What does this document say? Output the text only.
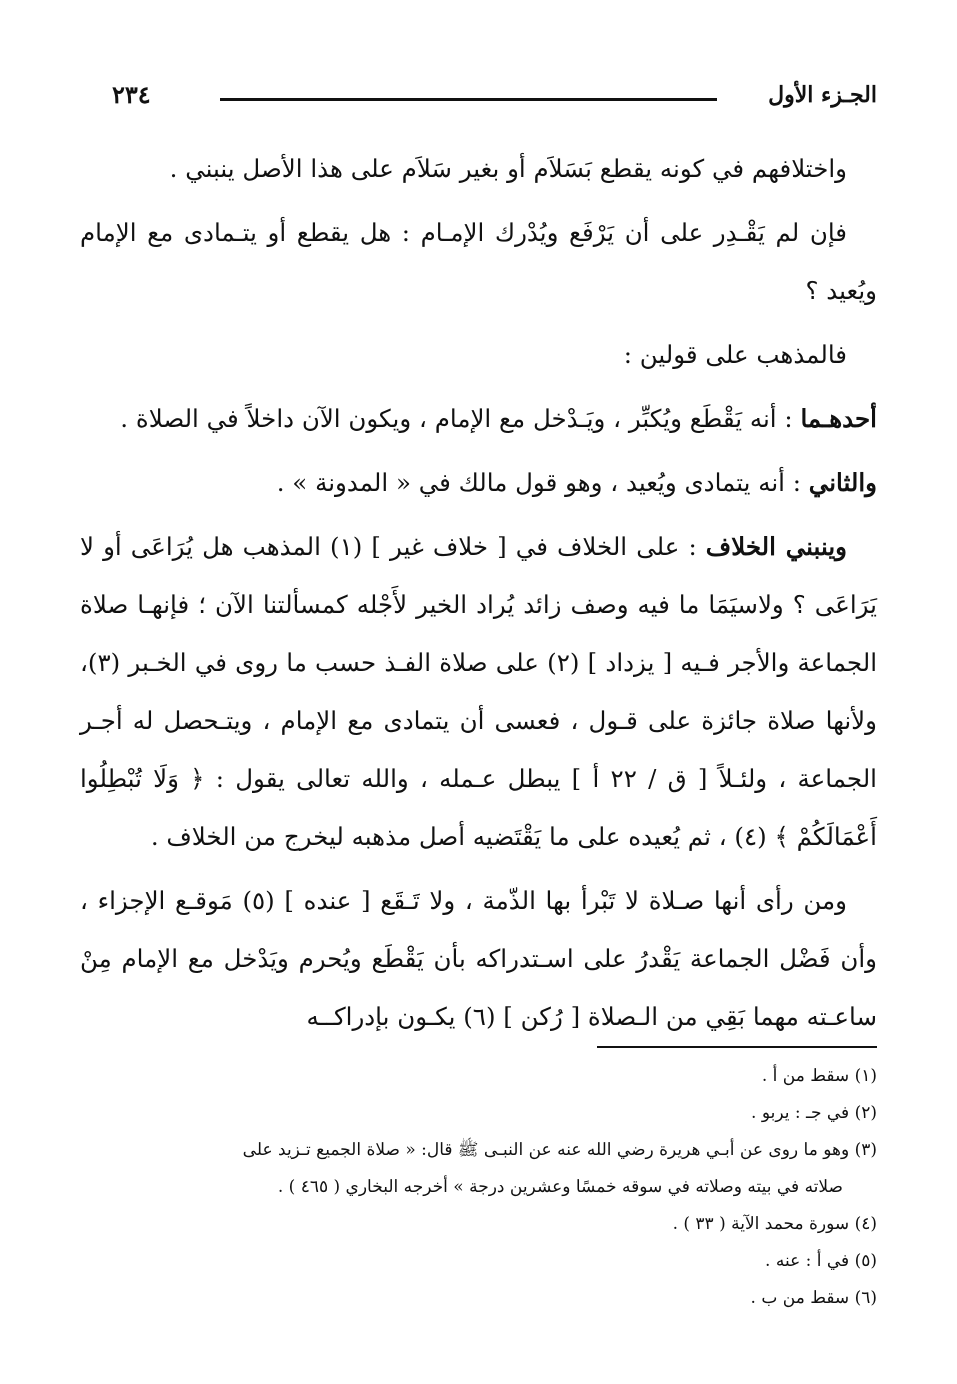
الجـزء الأول
٢٣٤

واختلافهم في كونه يقطع بَسَلاَم أو بغير سَلاَم على هذا الأصل ينبني .

فإن لم يَقْـدِر على أن يَرْفَع ويُدْرك الإمـام : هل يقطع أو يتـمادى مع الإمام ويُعيد ؟

فالمذهب على قولين :

أحدهـما : أنه يَقْطَع ويُكبِّر ، ويَـدْخل مع الإمام ، ويكون الآن داخلاً في الصلاة .

والثاني : أنه يتمادى ويُعيد ، وهو قول مالك في « المدونة » .

وينبني الخلاف : على الخلاف في [ خلاف غير ] (١) المذهب هل يُرَاعَى أو لا يَرَاعَى ؟ ولاسيَمَا ما فيه وصف زائد يُراد الخير لأَجْله كمسألتنا الآن ؛ فإنهـا صلاة الجماعة والأجر فـيه [ يزداد ] (٢) على صلاة الفـذ حسب ما روى في الخـبر (٣)، ولأنها صلاة جائزة على قـول ، فعسى أن يتمادى مع الإمام ، ويتـحصل له أجـر الجماعة ، ولئـلاً [ ق / ٢٢ أ ] يبطل عـمله ، والله تعالى يقول : ﴿ وَلَا تُبْطِلُوا أَعْمَالَكُمْ ﴾ (٤) ، ثم يُعيده على ما يَقْتَضيه أصل مذهبه ليخرج من الخلاف .

ومن رأى أنها صـلاة لا تَبْرأ بها الذّمة ، ولا تَـقَع [ عنده ] (٥) مَوقـع الإجزاء ، وأن فَضْل الجماعة يَقْدرُ على اسـتدراكه بأن يَقْطَع ويُحرم ويَدْخل مع الإمام مِنْ ساعـته مهما بَقِي من الـصلاة [ رُكن ] (٦) يكـون بإدراكــه

(١) سقط من أ .

(٢) في جـ : يربو .

(٣) وهو ما روى عن أبـي هريرة رضي الله عنه عن النبـى ﷺ قال: « صلاة الجميع تـزيد على

صلاته في بيته وصلاته في سوقه خمسًا وعشرين درجة » أخرجه البخاري ( ٤٦٥ ) .

(٤) سورة محمد الآية ( ٣٣ ) .

(٥) في أ : عنه .

(٦) سقط من ب .
